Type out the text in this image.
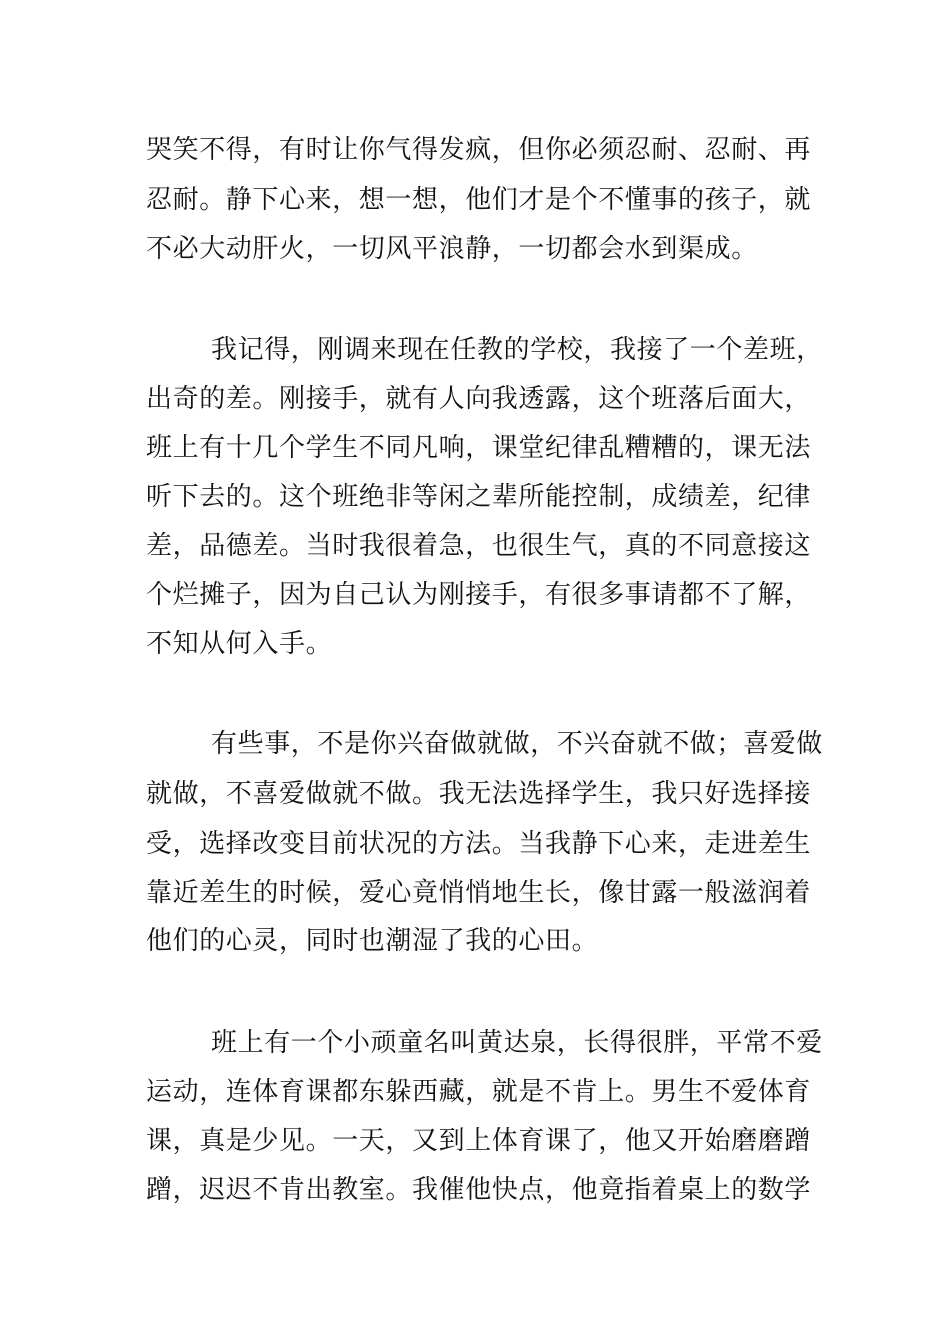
哭笑不得，有时让你气得发疯，但你必须忍耐、忍耐、再
忍耐。静下心来，想一想，他们才是个不懂事的孩子，就
不必大动肝火，一切风平浪静，一切都会水到渠成。
我记得，刚调来现在任教的学校，我接了一个差班，
出奇的差。刚接手，就有人向我透露，这个班落后面大，
班上有十几个学生不同凡响，课堂纪律乱糟糟的，课无法
听下去的。这个班绝非等闲之辈所能控制，成绩差，纪律
差，品德差。当时我很着急，也很生气，真的不同意接这
个烂摊子，因为自己认为刚接手，有很多事请都不了解，
不知从何入手。
有些事，不是你兴奋做就做，不兴奋就不做；喜爱做
就做，不喜爱做就不做。我无法选择学生，我只好选择接
受，选择改变目前状况的方法。当我静下心来，走进差生
靠近差生的时候，爱心竟悄悄地生长，像甘露一般滋润着
他们的心灵，同时也潮湿了我的心田。
班上有一个小顽童名叫黄达泉，长得很胖，平常不爱
运动，连体育课都东躲西藏，就是不肯上。男生不爱体育
课，真是少见。一天，又到上体育课了，他又开始磨磨蹭
蹭，迟迟不肯出教室。我催他快点，他竟指着桌上的数学
